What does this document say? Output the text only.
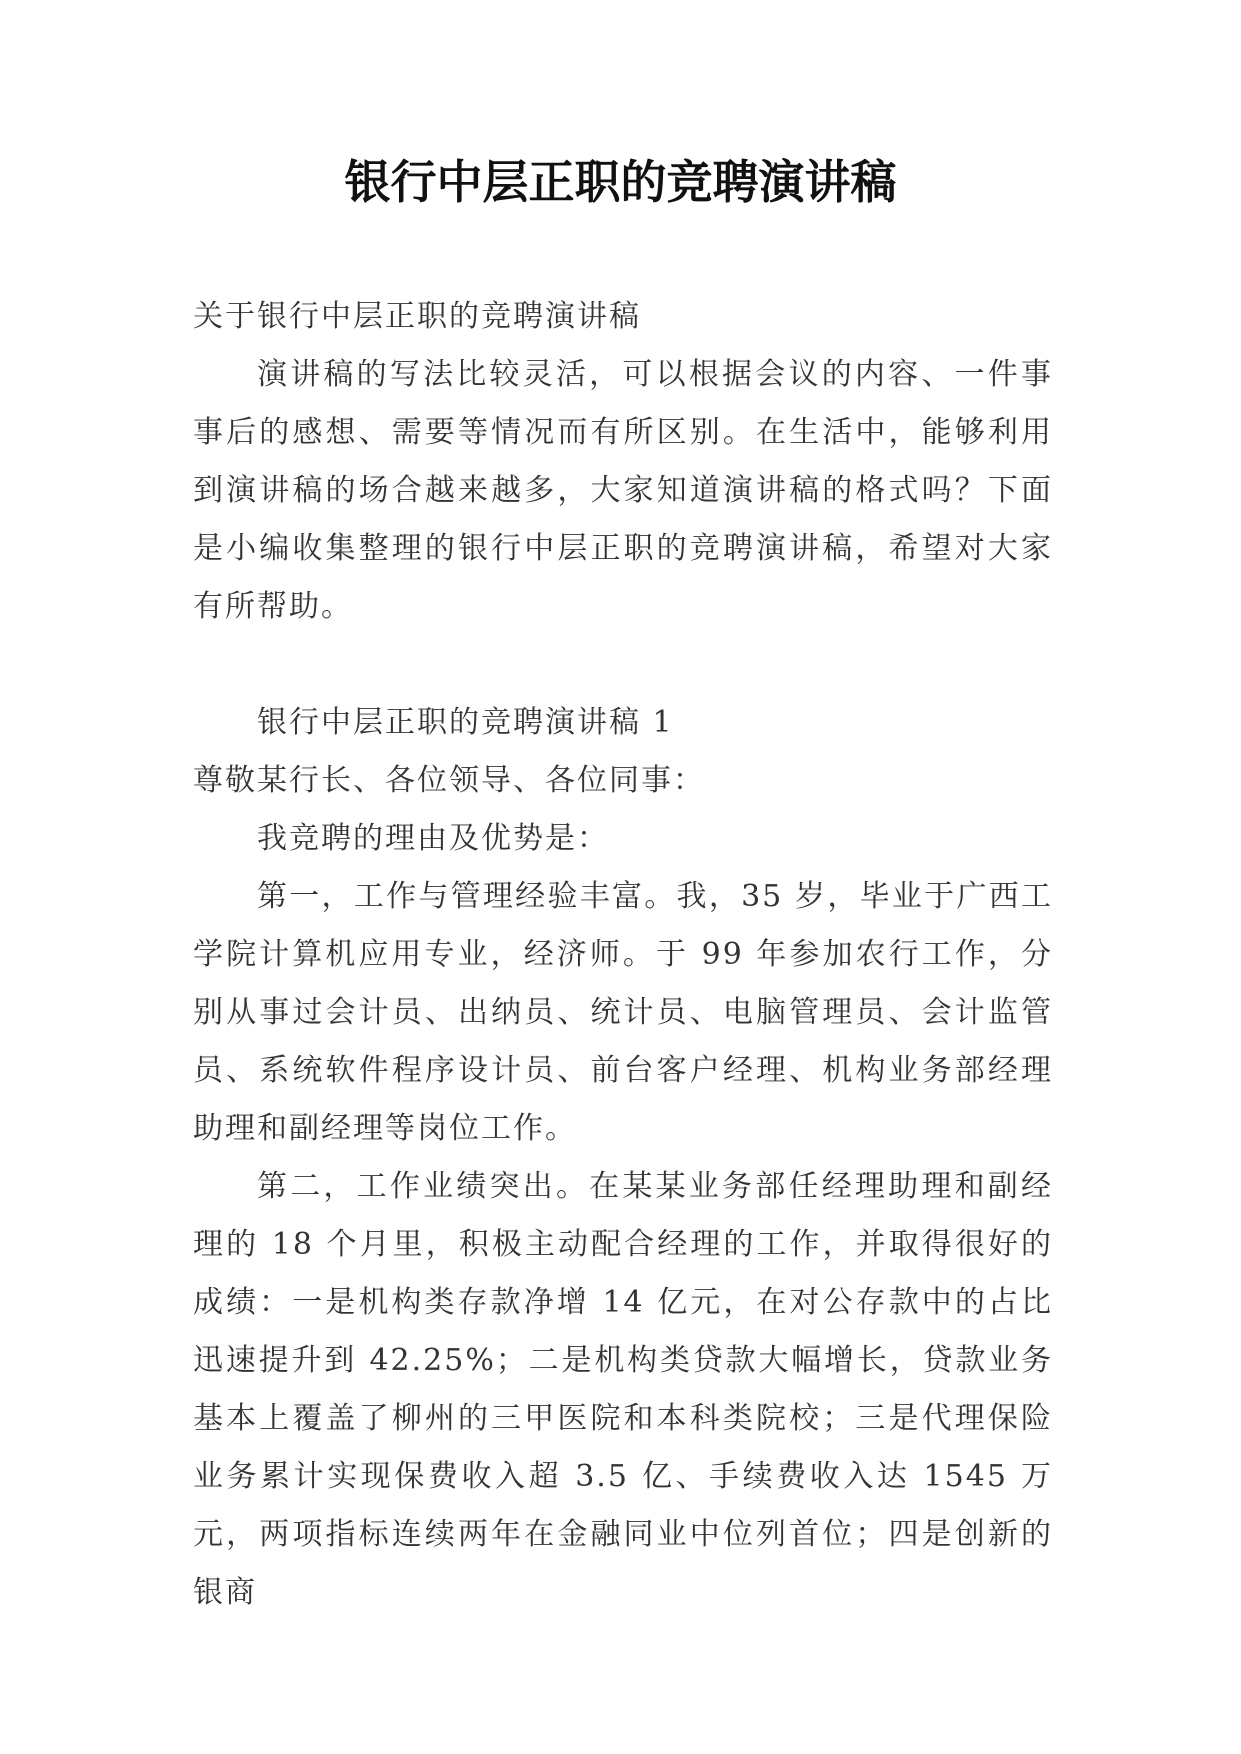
银行中层正职的竞聘演讲稿

关于银行中层正职的竞聘演讲稿

演讲稿的写法比较灵活，可以根据会议的内容、一件事事后的感想、需要等情况而有所区别。在生活中，能够利用到演讲稿的场合越来越多，大家知道演讲稿的格式吗？下面是小编收集整理的银行中层正职的竞聘演讲稿，希望对大家有所帮助。

银行中层正职的竞聘演讲稿 1

尊敬某行长、各位领导、各位同事：

我竞聘的理由及优势是：

第一，工作与管理经验丰富。我，35 岁，毕业于广西工学院计算机应用专业，经济师。于 99 年参加农行工作，分别从事过会计员、出纳员、统计员、电脑管理员、会计监管员、系统软件程序设计员、前台客户经理、机构业务部经理助理和副经理等岗位工作。

第二，工作业绩突出。在某某业务部任经理助理和副经理的 18 个月里，积极主动配合经理的工作，并取得很好的成绩：一是机构类存款净增 14 亿元，在对公存款中的占比迅速提升到 42.25%；二是机构类贷款大幅增长，贷款业务基本上覆盖了柳州的三甲医院和本科类院校；三是代理保险业务累计实现保费收入超 3.5 亿、手续费收入达 1545 万元，两项指标连续两年在金融同业中位列首位；四是创新的银商
